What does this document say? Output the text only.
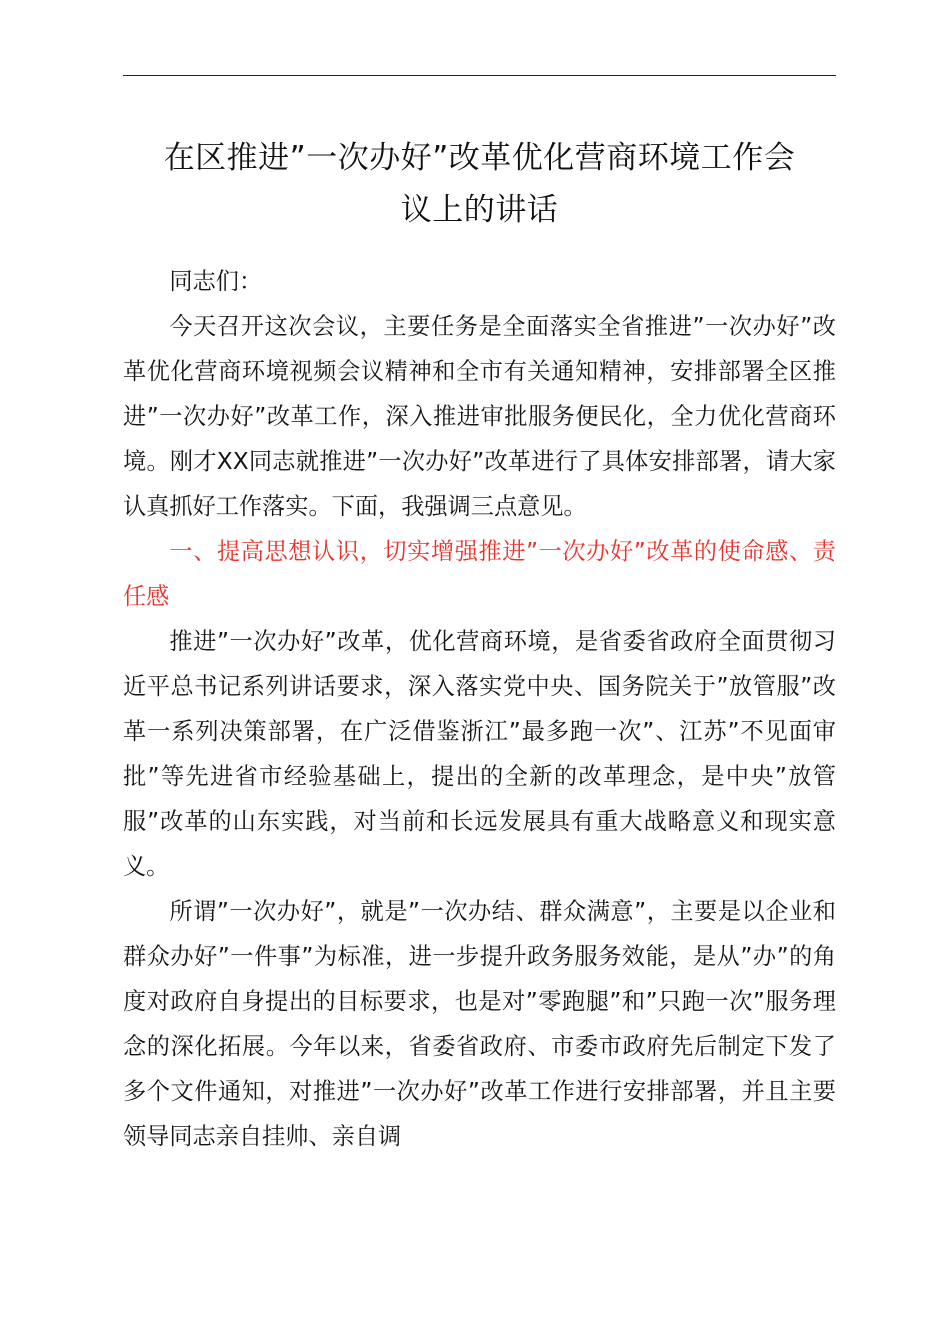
在区推进”一次办好”改革优化营商环境工作会
议上的讲话

同志们：

今天召开这次会议，主要任务是全面落实全省推进”一次办好”改革优化营商环境视频会议精神和全市有关通知精神，安排部署全区推进”一次办好”改革工作，深入推进审批服务便民化，全力优化营商环境。刚才XX同志就推进”一次办好”改革进行了具体安排部署，请大家认真抓好工作落实。下面，我强调三点意见。

一、提高思想认识，切实增强推进”一次办好”改革的使命感、责任感

推进”一次办好”改革，优化营商环境，是省委省政府全面贯彻习近平总书记系列讲话要求，深入落实党中央、国务院关于”放管服”改革一系列决策部署，在广泛借鉴浙江”最多跑一次”、江苏”不见面审批”等先进省市经验基础上，提出的全新的改革理念，是中央”放管服”改革的山东实践，对当前和长远发展具有重大战略意义和现实意义。

所谓”一次办好”，就是”一次办结、群众满意”，主要是以企业和群众办好”一件事”为标准，进一步提升政务服务效能，是从”办”的角度对政府自身提出的目标要求，也是对”零跑腿”和”只跑一次”服务理念的深化拓展。今年以来，省委省政府、市委市政府先后制定下发了多个文件通知，对推进”一次办好”改革工作进行安排部署，并且主要领导同志亲自挂帅、亲自调
